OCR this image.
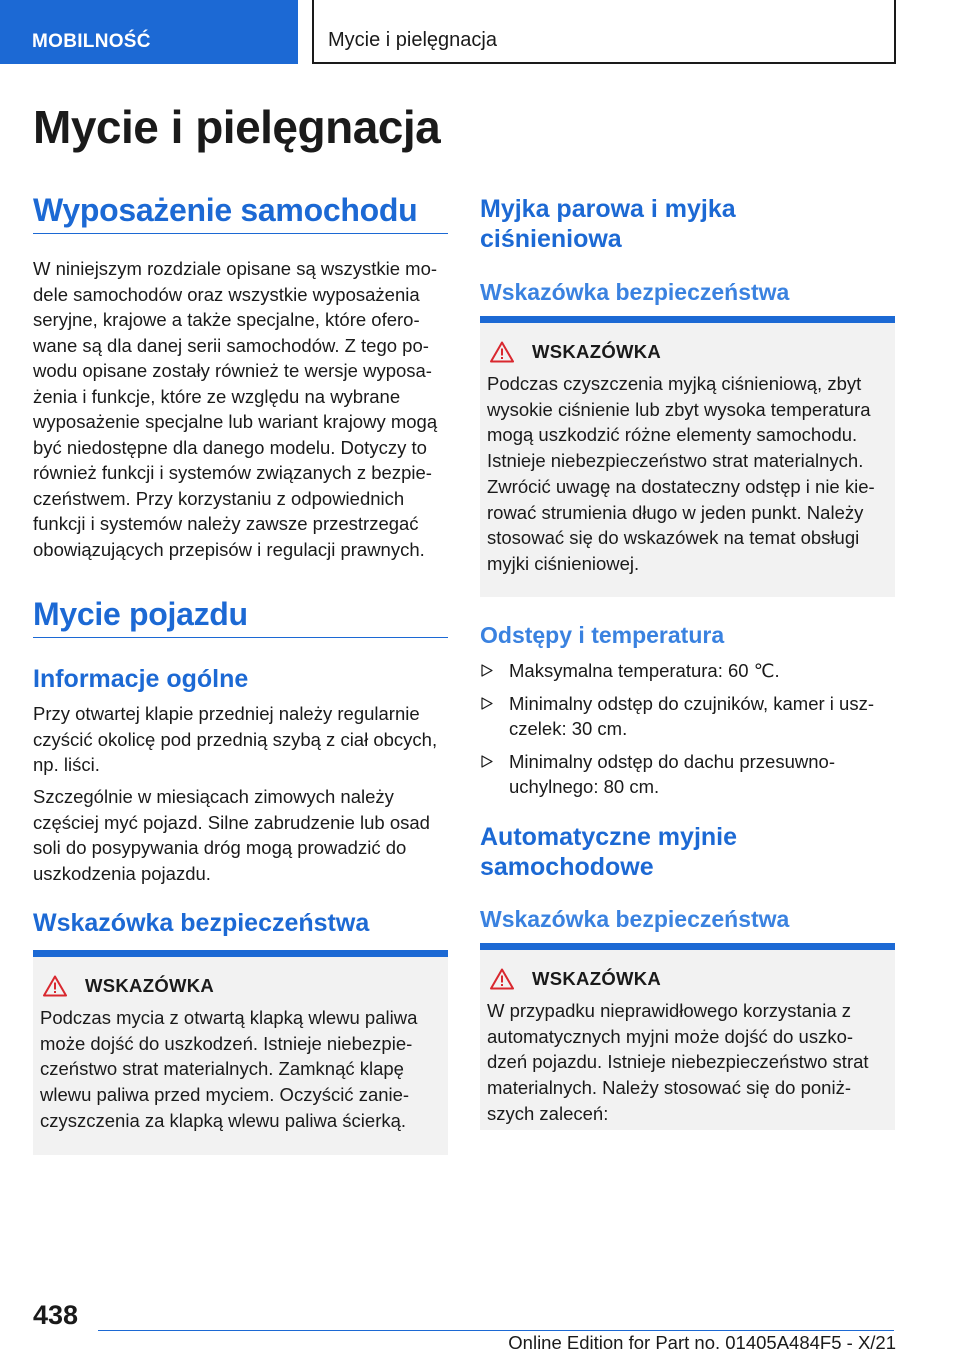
MOBILNOŚĆ	Mycie i pielęgnacja
Mycie i pielęgnacja
Wyposażenie samochodu
W niniejszym rozdziale opisane są wszystkie mo-
dele samochodów oraz wszystkie wyposażenia
seryjne, krajowe a także specjalne, które ofero-
wane są dla danej serii samochodów. Z tego po-
wodu opisane zostały również te wersje wyposa-
żenia i funkcje, które ze względu na wybrane
wyposażenie specjalne lub wariant krajowy mogą
być niedostępne dla danego modelu. Dotyczy to
również funkcji i systemów związanych z bezpie-
czeństwem. Przy korzystaniu z odpowiednich
funkcji i systemów należy zawsze przestrzegać
obowiązujących przepisów i regulacji prawnych.
Mycie pojazdu
Informacje ogólne
Przy otwartej klapie przedniej należy regularnie
czyścić okolicę pod przednią szybą z ciał obcych,
np. liści.
Szczególnie w miesiącach zimowych należy
częściej myć pojazd. Silne zabrudzenie lub osad
soli do posypywania dróg mogą prowadzić do
uszkodzenia pojazdu.
Wskazówka bezpieczeństwa
WSKAZÓWKA
Podczas mycia z otwartą klapką wlewu paliwa
może dojść do uszkodzeń. Istnieje niebezpie-
czeństwo strat materialnych. Zamknąć klapę
wlewu paliwa przed myciem. Oczyścić zanie-
czyszczenia za klapką wlewu paliwa ścierką.
Myjka parowa i myjka
ciśnieniowa
Wskazówka bezpieczeństwa
WSKAZÓWKA
Podczas czyszczenia myjką ciśnieniową, zbyt
wysokie ciśnienie lub zbyt wysoka temperatura
mogą uszkodzić różne elementy samochodu.
Istnieje niebezpieczeństwo strat materialnych.
Zwrócić uwagę na dostateczny odstęp i nie kie-
rować strumienia długo w jeden punkt. Należy
stosować się do wskazówek na temat obsługi
myjki ciśnieniowej.
Odstępy i temperatura
Maksymalna temperatura: 60 ℃.
Minimalny odstęp do czujników, kamer i usz-
czelek: 30 cm.
Minimalny odstęp do dachu przesuwno-
uchylnego: 80 cm.
Automatyczne myjnie
samochodowe
Wskazówka bezpieczeństwa
WSKAZÓWKA
W przypadku nieprawidłowego korzystania z
automatycznych myjni może dojść do uszko-
dzeń pojazdu. Istnieje niebezpieczeństwo strat
materialnych. Należy stosować się do poniż-
szych zaleceń:
438
Online Edition for Part no. 01405A484F5 - X/21
